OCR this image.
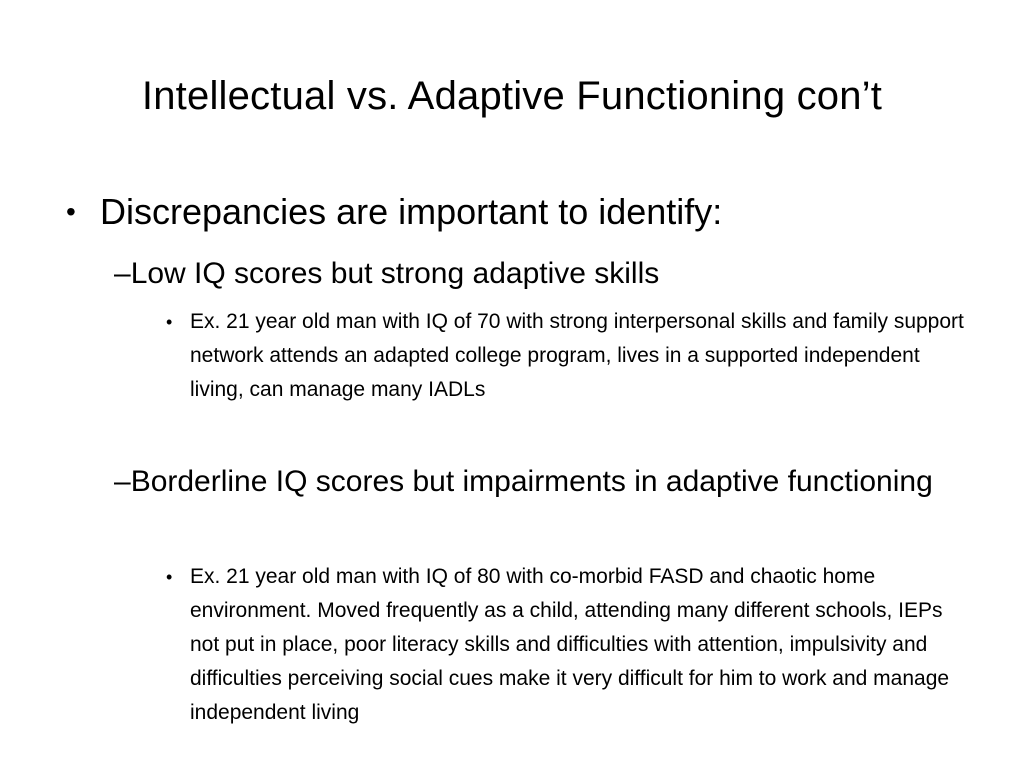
Intellectual vs. Adaptive Functioning con’t
• Discrepancies are important to identify:
–Low IQ scores but strong adaptive skills
• Ex. 21 year old man with IQ of 70 with strong interpersonal skills and family support network attends an adapted college program, lives in a supported independent living, can manage many IADLs
–Borderline IQ scores but impairments in adaptive functioning
• Ex. 21 year old man with IQ of 80 with co-morbid FASD and chaotic home environment. Moved frequently as a child, attending many different schools, IEPs not put in place, poor literacy skills and difficulties with attention, impulsivity and difficulties perceiving social cues make it very difficult for him to work and manage independent living
